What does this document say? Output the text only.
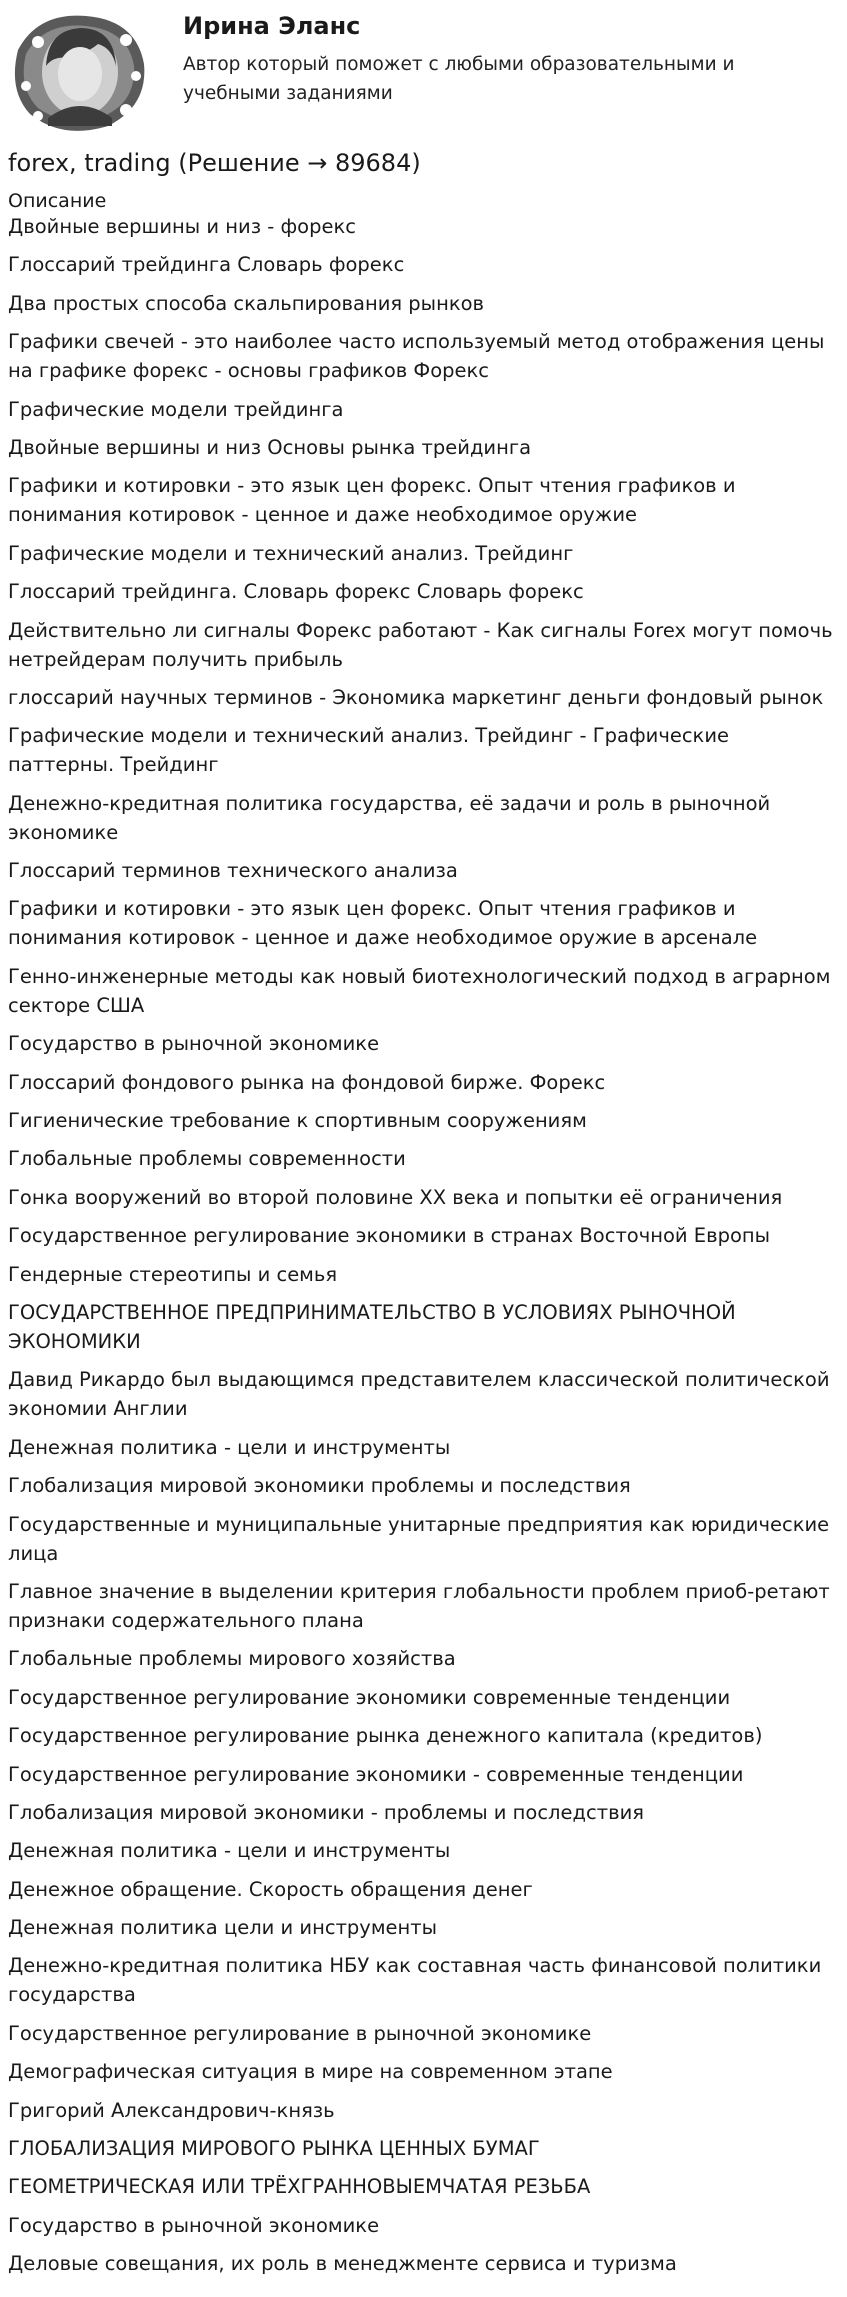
Ирина Эланс
Автор который поможет с любыми образовательными и учебными заданиями
forex, trading (Решение → 89684)
Описание
Двойные вершины и низ - форекс
Глоссарий трейдинга Словарь форекс
Два простых способа скальпирования рынков
Графики свечей - это наиболее часто используемый метод отображения цены на графике форекс - основы графиков Форекс
Графические модели трейдинга
Двойные вершины и низ Основы рынка трейдинга
Графики и котировки - это язык цен форекс. Опыт чтения графиков и понимания котировок - ценное и даже необходимое оружие
Графические модели и технический анализ. Трейдинг
Глоссарий трейдинга. Словарь форекс Словарь форекс
Действительно ли сигналы Форекс работают - Как сигналы Forex могут помочь нетрейдерам получить прибыль
глоссарий научных терминов - Экономика маркетинг деньги фондовый рынок
Графические модели и технический анализ. Трейдинг - Графические паттерны. Трейдинг
Денежно-кредитная политика государства, её задачи и роль в рыночной экономике
Глоссарий терминов технического анализа
Графики и котировки - это язык цен форекс. Опыт чтения графиков и понимания котировок - ценное и даже необходимое оружие в арсенале
Генно-инженерные методы как новый биотехнологический подход в аграрном секторе США
Государство в рыночной экономике
Глоссарий фондового рынка на фондовой бирже. Форекс
Гигиенические требование к спортивным сооружениям
Глобальные проблемы современности
Гонка вооружений во второй половине XX века и попытки её ограничения
Государственное регулирование экономики в странах Восточной Европы
Гендерные стереотипы и семья
ГОСУДАРСТВЕННОЕ ПРЕДПРИНИМАТЕЛЬСТВО В УСЛОВИЯХ РЫНОЧНОЙ ЭКОНОМИКИ
Давид Рикардо был выдающимся представителем классической политической экономии Англии
Денежная политика - цели и инструменты
Глобализация мировой экономики проблемы и последствия
Государственные и муниципальные унитарные предприятия как юридические лица
Главное значение в выделении критерия глобальности проблем приоб-ретают признаки содержательного плана
Глобальные проблемы мирового хозяйства
Государственное регулирование экономики современные тенденции
Государственное регулирование рынка денежного капитала (кредитов)
Государственное регулирование экономики - современные тенденции
Глобализация мировой экономики - проблемы и последствия
Денежная политика - цели и инструменты
Денежное обращение. Скорость обращения денег
Денежная политика цели и инструменты
Денежно-кредитная политика НБУ как составная часть финансовой политики государства
Государственное регулирование в рыночной экономике
Демографическая ситуация в мире на современном этапе
Григорий Александрович-князь
ГЛОБАЛИЗАЦИЯ МИРОВОГО РЫНКА ЦЕННЫХ БУМАГ
ГЕОМЕТРИЧЕСКАЯ ИЛИ ТРЁХГРАННОВЫЕМЧАТАЯ РЕЗЬБА
Государство в рыночной экономике
Деловые совещания, их роль в менеджменте сервиса и туризма
